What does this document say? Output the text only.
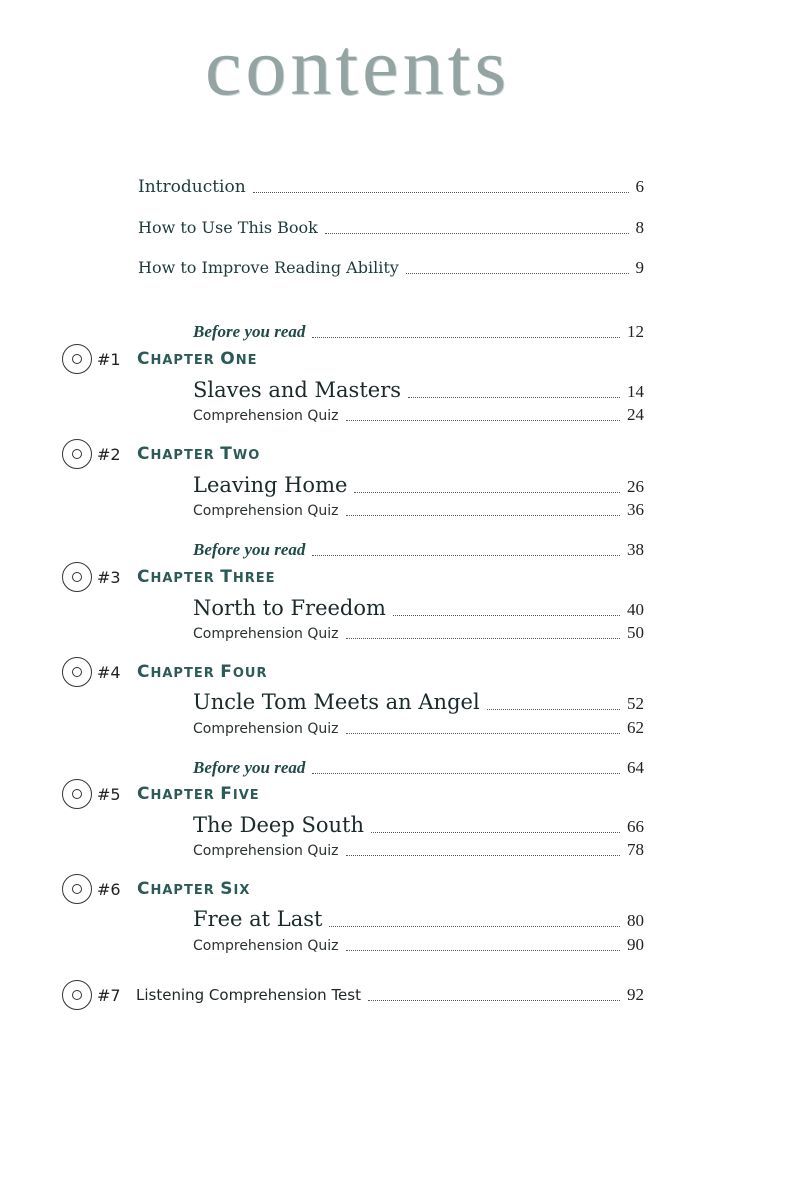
contents
Introduction	6
How to Use This Book	8
How to Improve Reading Ability	9
Before you read	12
#1 CHAPTER ONE
Slaves and Masters	14
Comprehension Quiz	24
#2 CHAPTER TWO
Leaving Home	26
Comprehension Quiz	36
Before you read	38
#3 CHAPTER THREE
North to Freedom	40
Comprehension Quiz	50
#4 CHAPTER FOUR
Uncle Tom Meets an Angel	52
Comprehension Quiz	62
Before you read	64
#5 CHAPTER FIVE
The Deep South	66
Comprehension Quiz	78
#6 CHAPTER SIX
Free at Last	80
Comprehension Quiz	90
#7 Listening Comprehension Test	92
